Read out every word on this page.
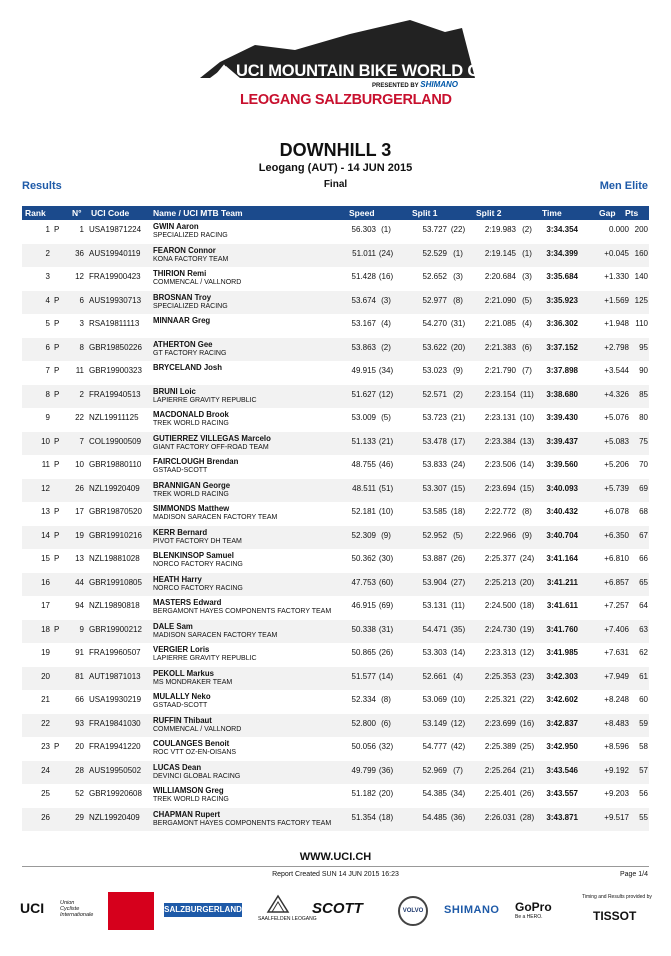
UCI MOUNTAIN BIKE WORLD CUP
PRESENTED BY SHIMANO
LEOGANG SALZBURGERLAND
DOWNHILL 3
Leogang (AUT) - 14 JUN 2015
Final
Results	Men Elite
Rank	N° UCI Code	Name / UCI MTB Team	Speed	Split 1	Split 2	Time	Gap Pts
1 P	1 USA19871224 GWIN Aaron
SPECIALIZED RACING
56.303 (1)	53.727 (22)	2:19.983 (2)	3:34.354	0.000 200
2	36 AUS19940119 FEARON Connor
KONA FACTORY TEAM
51.011 (24)	52.529 (1)	2:19.145 (1)	3:34.399	+0.045 160
3	12 FRA19900423 THIRION Remi
COMMENCAL / VALLNORD
51.428 (16)	52.652 (3)	2:20.684 (3)	3:35.684	+1.330 140
4 P	6 AUS19930713 BROSNAN Troy
SPECIALIZED RACING
53.674 (3)	52.977 (8)	2:21.090 (5)	3:35.923	+1.569 125
5 P	3 RSA19811113 MINNAAR Greg	53.167 (4)	54.270 (31)	2:21.085 (4)	3:36.302	+1.948 110
6 P	8 GBR19850226 ATHERTON Gee
GT FACTORY RACING
53.863 (2)	53.622 (20)	2:21.383 (6)	3:37.152	+2.798	95
7 P	11 GBR19900323 BRYCELAND Josh	49.915 (34)	53.023 (9)	2:21.790 (7)	3:37.898	+3.544	90
8 P	2 FRA19940513 BRUNI Loic
LAPIERRE GRAVITY REPUBLIC
51.627 (12)	52.571 (2)	2:23.154 (11)	3:38.680	+4.326	85
9	22 NZL19911125 MACDONALD Brook
TREK WORLD RACING
53.009 (5)	53.723 (21)	2:23.131 (10)	3:39.430	+5.076	80
10 P	7 COL19900509 GUTIERREZ VILLEGAS Marcelo
GIANT FACTORY OFF-ROAD TEAM
51.133 (21)	53.478 (17)	2:23.384 (13)	3:39.437	+5.083	75
11 P	10 GBR19880110 FAIRCLOUGH Brendan
GSTAAD-SCOTT
48.755 (46)	53.833 (24)	2:23.506 (14)	3:39.560	+5.206	70
12	26 NZL19920409 BRANNIGAN George
TREK WORLD RACING
48.511 (51)	53.307 (15)	2:23.694 (15)	3:40.093	+5.739	69
13 P	17 GBR19870520 SIMMONDS Matthew
MADISON SARACEN FACTORY TEAM
52.181 (10)	53.585 (18)	2:22.772 (8)	3:40.432	+6.078	68
14 P	19 GBR19910216 KERR Bernard
PIVOT FACTORY DH TEAM
52.309 (9)	52.952 (5)	2:22.966 (9)	3:40.704	+6.350	67
15 P	13 NZL19881028 BLENKINSOP Samuel
NORCO FACTORY RACING
50.362 (30)	53.887 (26)	2:25.377 (24)	3:41.164	+6.810	66
16	44 GBR19910805 HEATH Harry
NORCO FACTORY RACING
47.753 (60)	53.904 (27)	2:25.213 (20)	3:41.211	+6.857	65
17	94 NZL19890818 MASTERS Edward
BERGAMONT HAYES COMPONENTS FACTORY TEAM
46.915 (69)	53.131 (11)	2:24.500 (18)	3:41.611	+7.257	64
18 P	9 GBR19900212 DALE Sam
MADISON SARACEN FACTORY TEAM
50.338 (31)	54.471 (35)	2:24.730 (19)	3:41.760	+7.406	63
19	91 FRA19960507 VERGIER Loris
LAPIERRE GRAVITY REPUBLIC
50.865 (26)	53.303 (14)	2:23.313 (12)	3:41.985	+7.631	62
20	81 AUT19871013 PEKOLL Markus
MS MONDRAKER TEAM
51.577 (14)	52.661 (4)	2:25.353 (23)	3:42.303	+7.949	61
21	66 USA19930219 MULALLY Neko
GSTAAD-SCOTT
52.334 (8)	53.069 (10)	2:25.321 (22)	3:42.602	+8.248	60
22	93 FRA19841030 RUFFIN Thibaut
COMMENCAL / VALLNORD
52.800 (6)	53.149 (12)	2:23.699 (16)	3:42.837	+8.483	59
23 P	20 FRA19941220 COULANGES Benoit
ROC VTT OZ-EN-OISANS
50.056 (32)	54.777 (42)	2:25.389 (25)	3:42.950	+8.596	58
24	28 AUS19950502 LUCAS Dean
DEVINCI GLOBAL RACING
49.799 (36)	52.969 (7)	2:25.264 (21)	3:43.546	+9.192	57
25	52 GBR19920608 WILLIAMSON Greg
TREK WORLD RACING
51.182 (20)	54.385 (34)	2:25.401 (26)	3:43.557	+9.203	56
26	29 NZL19920409 CHAPMAN Rupert
BERGAMONT HAYES COMPONENTS FACTORY TEAM
51.354 (18)	54.485 (36)	2:26.031 (28)	3:43.871	+9.517	55
WWW.UCI.CH
Report Created SUN 14 JUN 2015 16:23	Page 1/4
UCI	Union
Cycliste
Internationale
SALZBURGERLAND
SAALFELDEN LEOGANG
SCOTT	VOLVO	SHIMANO GoPro
Be a HERO.
Timing and Results provided by
TISSOT
